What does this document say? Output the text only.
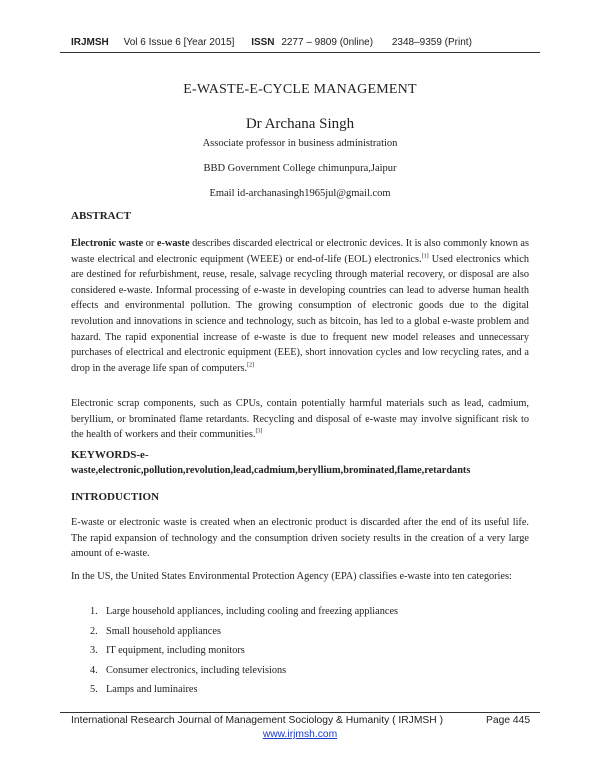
IRJMSH Vol 6 Issue 6 [Year 2015] ISSN 2277 – 9809 (0nline) 2348–9359 (Print)
E-WASTE-E-CYCLE MANAGEMENT
Dr Archana Singh
Associate professor in business administration
BBD Government College chimunpura,Jaipur
Email id-archanasingh1965jul@gmail.com
ABSTRACT
Electronic waste or e-waste describes discarded electrical or electronic devices. It is also commonly known as waste electrical and electronic equipment (WEEE) or end-of-life (EOL) electronics.[1] Used electronics which are destined for refurbishment, reuse, resale, salvage recycling through material recovery, or disposal are also considered e-waste. Informal processing of e-waste in developing countries can lead to adverse human health effects and environmental pollution. The growing consumption of electronic goods due to the digital revolution and innovations in science and technology, such as bitcoin, has led to a global e-waste problem and hazard. The rapid exponential increase of e-waste is due to frequent new model releases and unnecessary purchases of electrical and electronic equipment (EEE), short innovation cycles and low recycling rates, and a drop in the average life span of computers.[2]
Electronic scrap components, such as CPUs, contain potentially harmful materials such as lead, cadmium, beryllium, or brominated flame retardants. Recycling and disposal of e-waste may involve significant risk to the health of workers and their communities.[3]
KEYWORDS-e-
waste,electronic,pollution,revolution,lead,cadmium,beryllium,brominated,flame,retardants
INTRODUCTION
E-waste or electronic waste is created when an electronic product is discarded after the end of its useful life. The rapid expansion of technology and the consumption driven society results in the creation of a very large amount of e-waste.
In the US, the United States Environmental Protection Agency (EPA) classifies e-waste into ten categories:
1. Large household appliances, including cooling and freezing appliances
2. Small household appliances
3. IT equipment, including monitors
4. Consumer electronics, including televisions
5. Lamps and luminaires
International Research Journal of Management Sociology & Humanity ( IRJMSH )	Page 445
www.irjmsh.com
